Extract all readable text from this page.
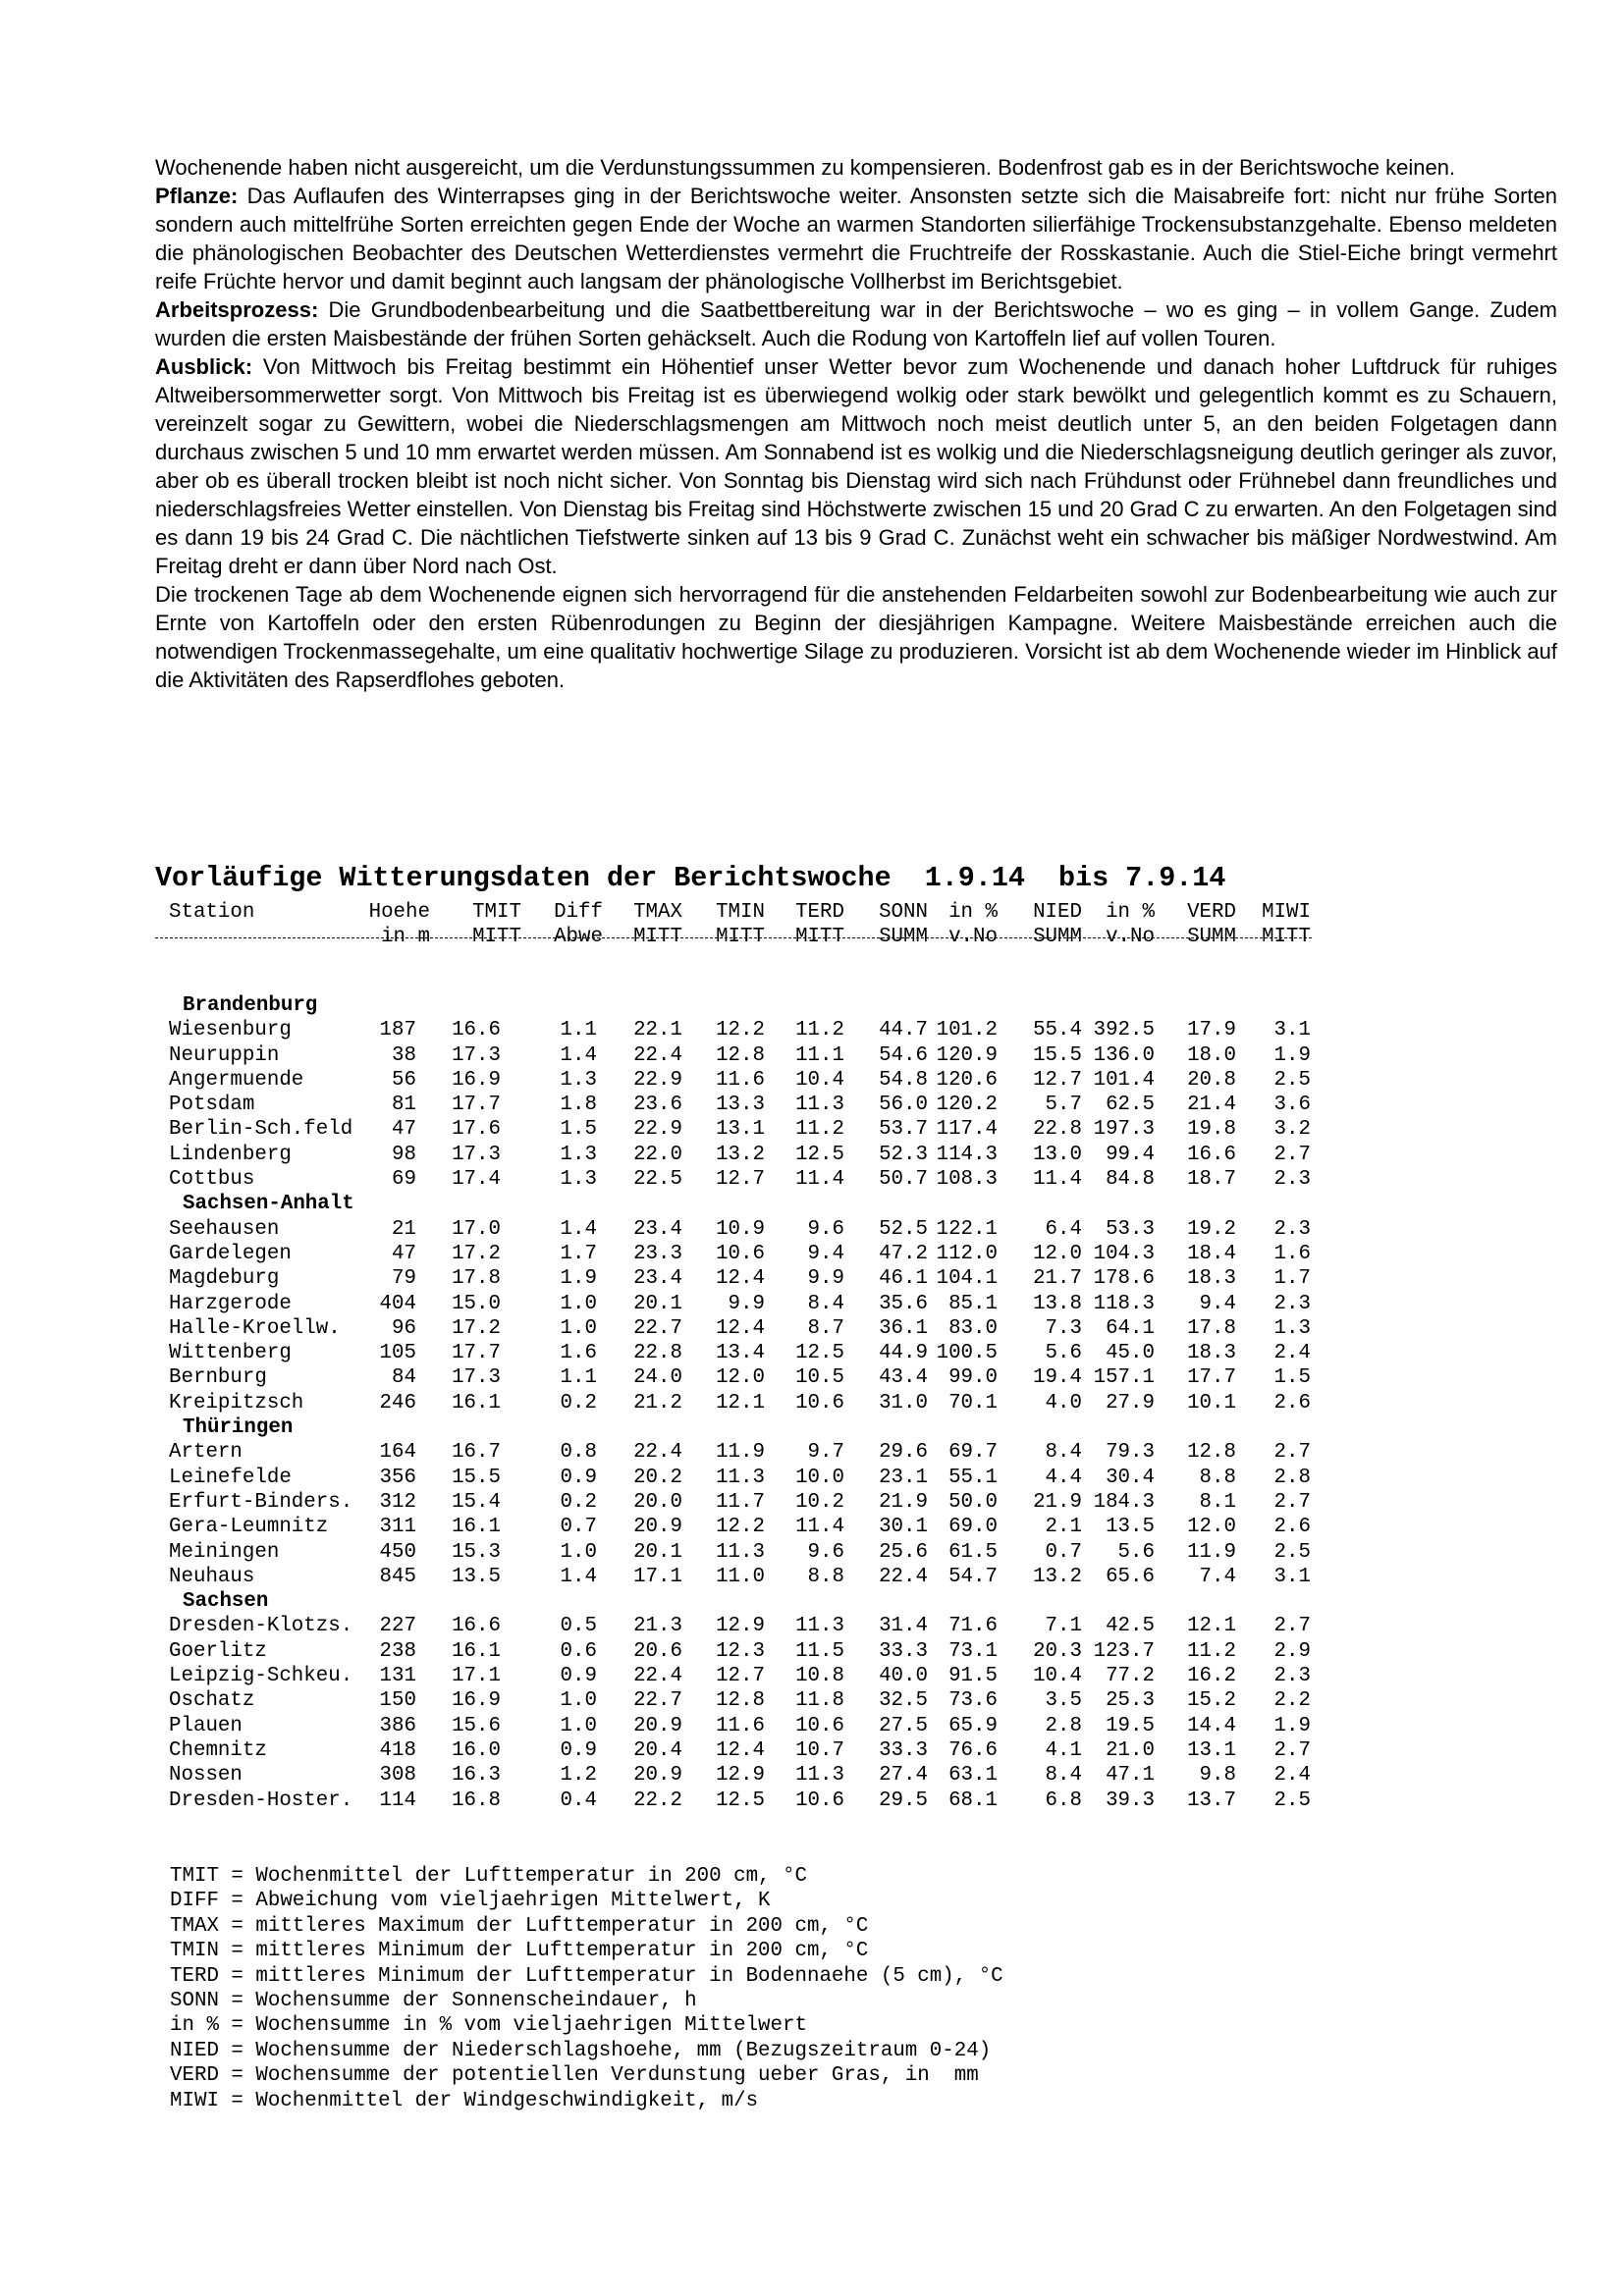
Wochenende haben nicht ausgereicht, um die Verdunstungssummen zu kompensieren. Bodenfrost gab es in der Berichtswoche keinen.

Pflanze: Das Auflaufen des Winterrapses ging in der Berichtswoche weiter. Ansonsten setzte sich die Maisabreife fort: nicht nur frühe Sorten sondern auch mittelfrühe Sorten erreichten gegen Ende der Woche an warmen Standorten silierfähige Trockensubstanzgehalte. Ebenso meldeten die phänologischen Beobachter des Deutschen Wetterdienstes vermehrt die Fruchtreife der Rosskastanie. Auch die Stiel-Eiche bringt vermehrt reife Früchte hervor und damit beginnt auch langsam der phänologische Vollherbst im Berichtsgebiet.

Arbeitsprozess: Die Grundbodenbearbeitung und die Saatbettbereitung war in der Berichtswoche – wo es ging – in vollem Gange. Zudem wurden die ersten Maisbestände der frühen Sorten gehäckselt. Auch die Rodung von Kartoffeln lief auf vollen Touren.

Ausblick: Von Mittwoch bis Freitag bestimmt ein Höhentief unser Wetter bevor zum Wochenende und danach hoher Luftdruck für ruhiges Altweibersommerwetter sorgt. Von Mittwoch bis Freitag ist es überwiegend wolkig oder stark bewölkt und gelegentlich kommt es zu Schauern, vereinzelt sogar zu Gewittern, wobei die Niederschlagsmengen am Mittwoch noch meist deutlich unter 5, an den beiden Folgetagen dann durchaus zwischen 5 und 10 mm erwartet werden müssen. Am Sonnabend ist es wolkig und die Niederschlagsneigung deutlich geringer als zuvor, aber ob es überall trocken bleibt ist noch nicht sicher. Von Sonntag bis Dienstag wird sich nach Frühdunst oder Frühnebel dann freundliches und niederschlagsfreies Wetter einstellen. Von Dienstag bis Freitag sind Höchstwerte zwischen 15 und 20 Grad C zu erwarten. An den Folgetagen sind es dann 19 bis 24 Grad C. Die nächtlichen Tiefstwerte sinken auf 13 bis 9 Grad C. Zunächst weht ein schwacher bis mäßiger Nordwestwind. Am Freitag dreht er dann über Nord nach Ost.

Die trockenen Tage ab dem Wochenende eignen sich hervorragend für die anstehenden Feldarbeiten sowohl zur Bodenbearbeitung wie auch zur Ernte von Kartoffeln oder den ersten Rübenrodungen zu Beginn der diesjährigen Kampagne. Weitere Maisbestände erreichen auch die notwendigen Trockenmassegehalte, um eine qualitativ hochwertige Silage zu produzieren. Vorsicht ist ab dem Wochenende wieder im Hinblick auf die Aktivitäten des Rapserdflohes geboten.

Vorläufige Witterungsdaten der Berichtswoche  1.9.14  bis 7.9.14
Station	Hoehe TMIT Diff TMAX TMIN TERD SONN in % NIED in % VERD MIWI
in m MITT Abwe MITT MITT MITT SUMM v.No SUMM v.No SUMM MITT
Brandenburg
Wiesenburg	187 16.6	1.1 22.1 12.2 11.2 44.7 101.2 55.4 392.5 17.9 3.1
Neuruppin	38 17.3	1.4 22.4 12.8 11.1 54.6 120.9 15.5 136.0 18.0 1.9
Angermuende	56 16.9	1.3 22.9 11.6 10.4 54.8 120.6 12.7 101.4 20.8 2.5
Potsdam	81 17.7	1.8 23.6 13.3 11.3 56.0 120.2 5.7 62.5 21.4 3.6
Berlin-Sch.feld 47 17.6	1.5 22.9 13.1 11.2 53.7 117.4 22.8 197.3 19.8 3.2
Lindenberg	98 17.3	1.3 22.0 13.2 12.5 52.3 114.3 13.0 99.4 16.6 2.7
Cottbus	69 17.4	1.3 22.5 12.7 11.4 50.7 108.3 11.4 84.8 18.7 2.3
Sachsen-Anhalt
Seehausen	21 17.0	1.4 23.4 10.9 9.6 52.5 122.1 6.4 53.3 19.2 2.3
Gardelegen	47 17.2	1.7 23.3 10.6 9.4 47.2 112.0 12.0 104.3 18.4 1.6
Magdeburg	79 17.8	1.9 23.4 12.4 9.9 46.1 104.1 21.7 178.6 18.3 1.7
Harzgerode	404 15.0	1.0 20.1 9.9 8.4 35.6 85.1 13.8 118.3 9.4 2.3
Halle-Kroellw.	96 17.2	1.0 22.7 12.4 8.7 36.1 83.0 7.3 64.1 17.8 1.3
Wittenberg	105 17.7	1.6 22.8 13.4 12.5 44.9 100.5 5.6 45.0 18.3 2.4
Bernburg	84 17.3	1.1 24.0 12.0 10.5 43.4 99.0 19.4 157.1 17.7 1.5
Kreipitzsch	246 16.1	0.2 21.2 12.1 10.6 31.0 70.1 4.0 27.9 10.1 2.6
Thüringen
Artern	164 16.7	0.8 22.4 11.9 9.7 29.6 69.7 8.4 79.3 12.8 2.7
Leinefelde	356 15.5	0.9 20.2 11.3 10.0 23.1 55.1 4.4 30.4 8.8 2.8
Erfurt-Binders. 312 15.4	0.2 20.0 11.7 10.2 21.9 50.0 21.9 184.3 8.1 2.7
Gera-Leumnitz	311 16.1	0.7 20.9 12.2 11.4 30.1 69.0 2.1 13.5 12.0 2.6
Meiningen	450 15.3	1.0 20.1 11.3 9.6 25.6 61.5 0.7 5.6 11.9 2.5
Neuhaus	845 13.5	1.4 17.1 11.0 8.8 22.4 54.7 13.2 65.6 7.4 3.1
Sachsen
Dresden-Klotzs. 227 16.6	0.5 21.3 12.9 11.3 31.4 71.6 7.1 42.5 12.1 2.7
Goerlitz	238 16.1	0.6 20.6 12.3 11.5 33.3 73.1 20.3 123.7 11.2 2.9
Leipzig-Schkeu. 131 17.1	0.9 22.4 12.7 10.8 40.0 91.5 10.4 77.2 16.2 2.3
Oschatz	150 16.9	1.0 22.7 12.8 11.8 32.5 73.6 3.5 25.3 15.2 2.2
Plauen	386 15.6	1.0 20.9 11.6 10.6 27.5 65.9 2.8 19.5 14.4 1.9
Chemnitz	418 16.0	0.9 20.4 12.4 10.7 33.3 76.6 4.1 21.0 13.1 2.7
Nossen	308 16.3	1.2 20.9 12.9 11.3 27.4 63.1 8.4 47.1 9.8 2.4
Dresden-Hoster. 114 16.8	0.4 22.2 12.5 10.6 29.5 68.1 6.8 39.3 13.7 2.5
TMIT = Wochenmittel der Lufttemperatur in 200 cm, °C
DIFF = Abweichung vom vieljaehrigen Mittelwert, K
TMAX = mittleres Maximum der Lufttemperatur in 200 cm, °C
TMIN = mittleres Minimum der Lufttemperatur in 200 cm, °C
TERD = mittleres Minimum der Lufttemperatur in Bodennaehe (5 cm), °C
SONN = Wochensumme der Sonnenscheindauer, h
in % = Wochensumme in % vom vieljaehrigen Mittelwert
NIED = Wochensumme der Niederschlagshoehe, mm (Bezugszeitraum 0-24)
VERD = Wochensumme der potentiellen Verdunstung ueber Gras, in  mm
MIWI = Wochenmittel der Windgeschwindigkeit, m/s
